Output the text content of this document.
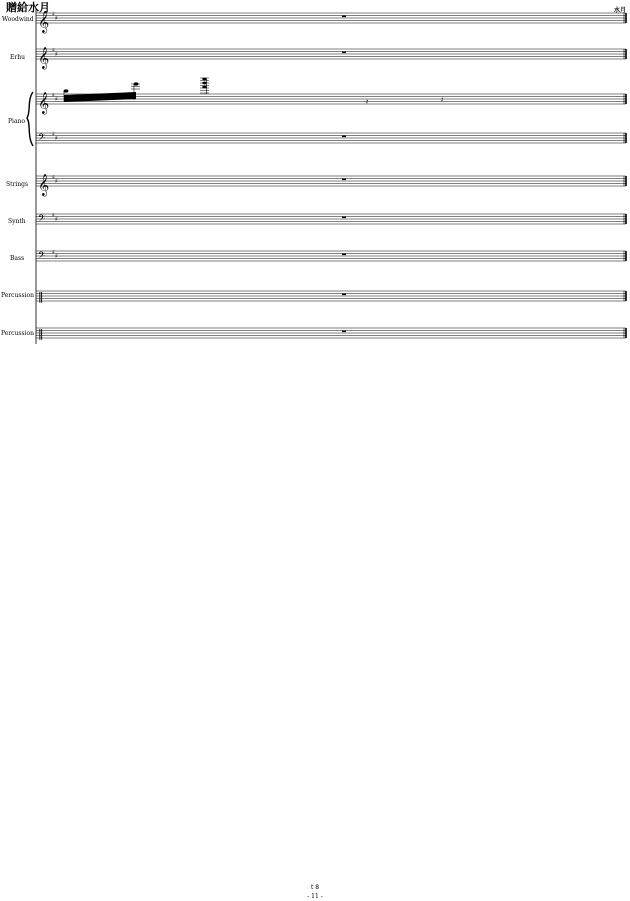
贈給水月	水月
Woodwind
Erhu
Piano
Strings
Synth
Bass
Percussion
Percussion
𝄞 ♯
♯
𝄞 ♯
♯
𝄞 ♯
♯
𝄢 ♯
♯
𝄞 ♯
♯
𝄢 ♯
♯
𝄢 ♯
♯
‖
‖
𝄽	𝄽
t 8
- 11 -
